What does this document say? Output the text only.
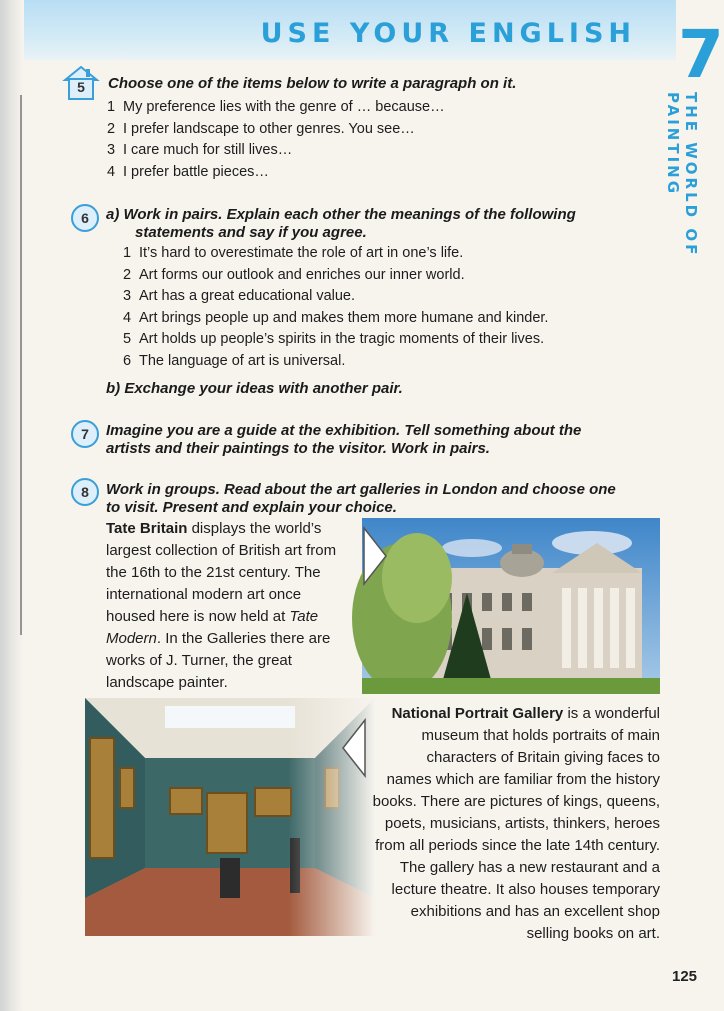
USE YOUR ENGLISH 7
THE WORLD OF PAINTING
5	Choose one of the items below to write a paragraph on it.
1 My preference lies with the genre of … because…
2 I prefer landscape to other genres. You see…
3 I care much for still lives…
4 I prefer battle pieces…
6	a) Work in pairs. Explain each other the meanings of the following
statements and say if you agree.
1 It’s hard to overestimate the role of art in one’s life.
2 Art forms our outlook and enriches our inner world.
3 Art has a great educational value.
4 Art brings people up and makes them more humane and kinder.
5 Art holds up people’s spirits in the tragic moments of their lives.
6 The language of art is universal.
b) Exchange your ideas with another pair.
7	Imagine you are a guide at the exhibition. Tell something about the
artists and their paintings to the visitor. Work in pairs.
8	Work in groups. Read about the art galleries in London and choose one
to visit. Present and explain your choice.
Tate Britain displays the world’s
largest collection of British art from
the 16th to the 21st century. The
international modern art once
housed here is now held at Tate
Modern. In the Galleries there are
works of J. Turner, the great
landscape painter.
National Portrait Gallery is a wonderful
museum that holds portraits of main
characters of Britain giving faces to
names which are familiar from the history
books. There are pictures of kings, queens,
poets, musicians, artists, thinkers, heroes
from all periods since the late 14th century.
The gallery has a new restaurant and a
lecture theatre. It also houses temporary
exhibitions and has an excellent shop
selling books on art.
125
